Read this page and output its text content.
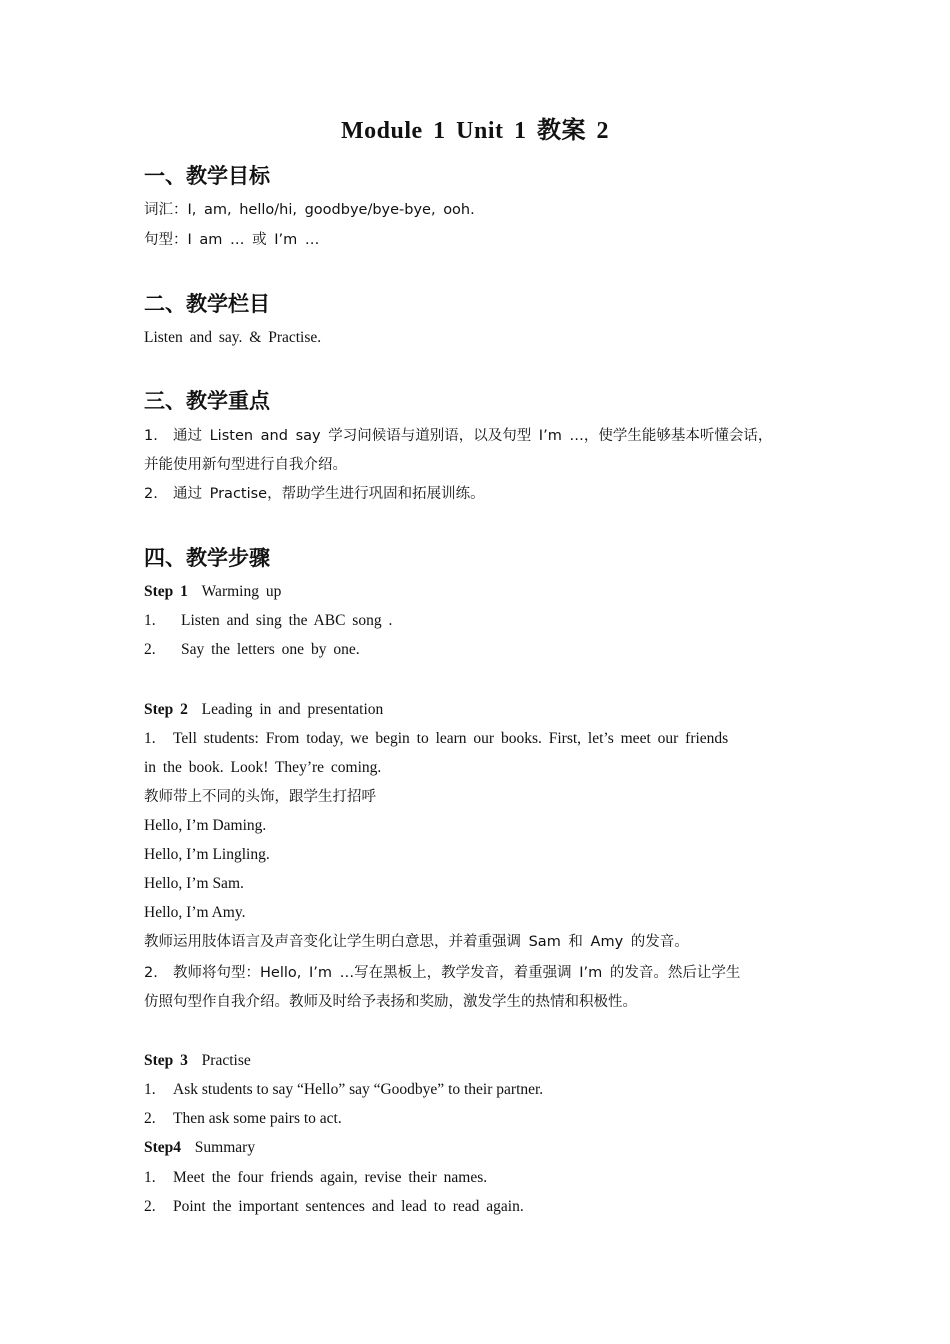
Module 1 Unit 1 教案 2
一、教学目标
词汇：I, am, hello/hi, goodbye/bye-bye, ooh.
句型：I am … 或 I’m …
二、教学栏目
Listen and say. & Practise.
三、教学重点
1. 通过 Listen and say 学习问候语与道别语，以及句型 I’m …，使学生能够基本听懂会话，
并能使用新句型进行自我介绍。
2. 通过 Practise，帮助学生进行巩固和拓展训练。
四、教学步骤
Step 1 Warming up
1. Listen and sing the ABC song .
2. Say the letters one by one.
Step 2 Leading in and presentation
1. Tell students: From today, we begin to learn our books. First, let’s meet our friends
in the book. Look! They’re coming.
教师带上不同的头饰，跟学生打招呼
Hello, I’m Daming.
Hello, I’m Lingling.
Hello, I’m Sam.
Hello, I’m Amy.
教师运用肢体语言及声音变化让学生明白意思，并着重强调 Sam 和 Amy 的发音。
2. 教师将句型：Hello, I’m …写在黑板上，教学发音，着重强调 I’m 的发音。然后让学生
仿照句型作自我介绍。教师及时给予表扬和奖励，激发学生的热情和积极性。
Step 3 Practise
1. Ask students to say “Hello” say “Goodbye” to their partner.
2. Then ask some pairs to act.
Step4 Summary
1. Meet the four friends again, revise their names.
2. Point the important sentences and lead to read again.
